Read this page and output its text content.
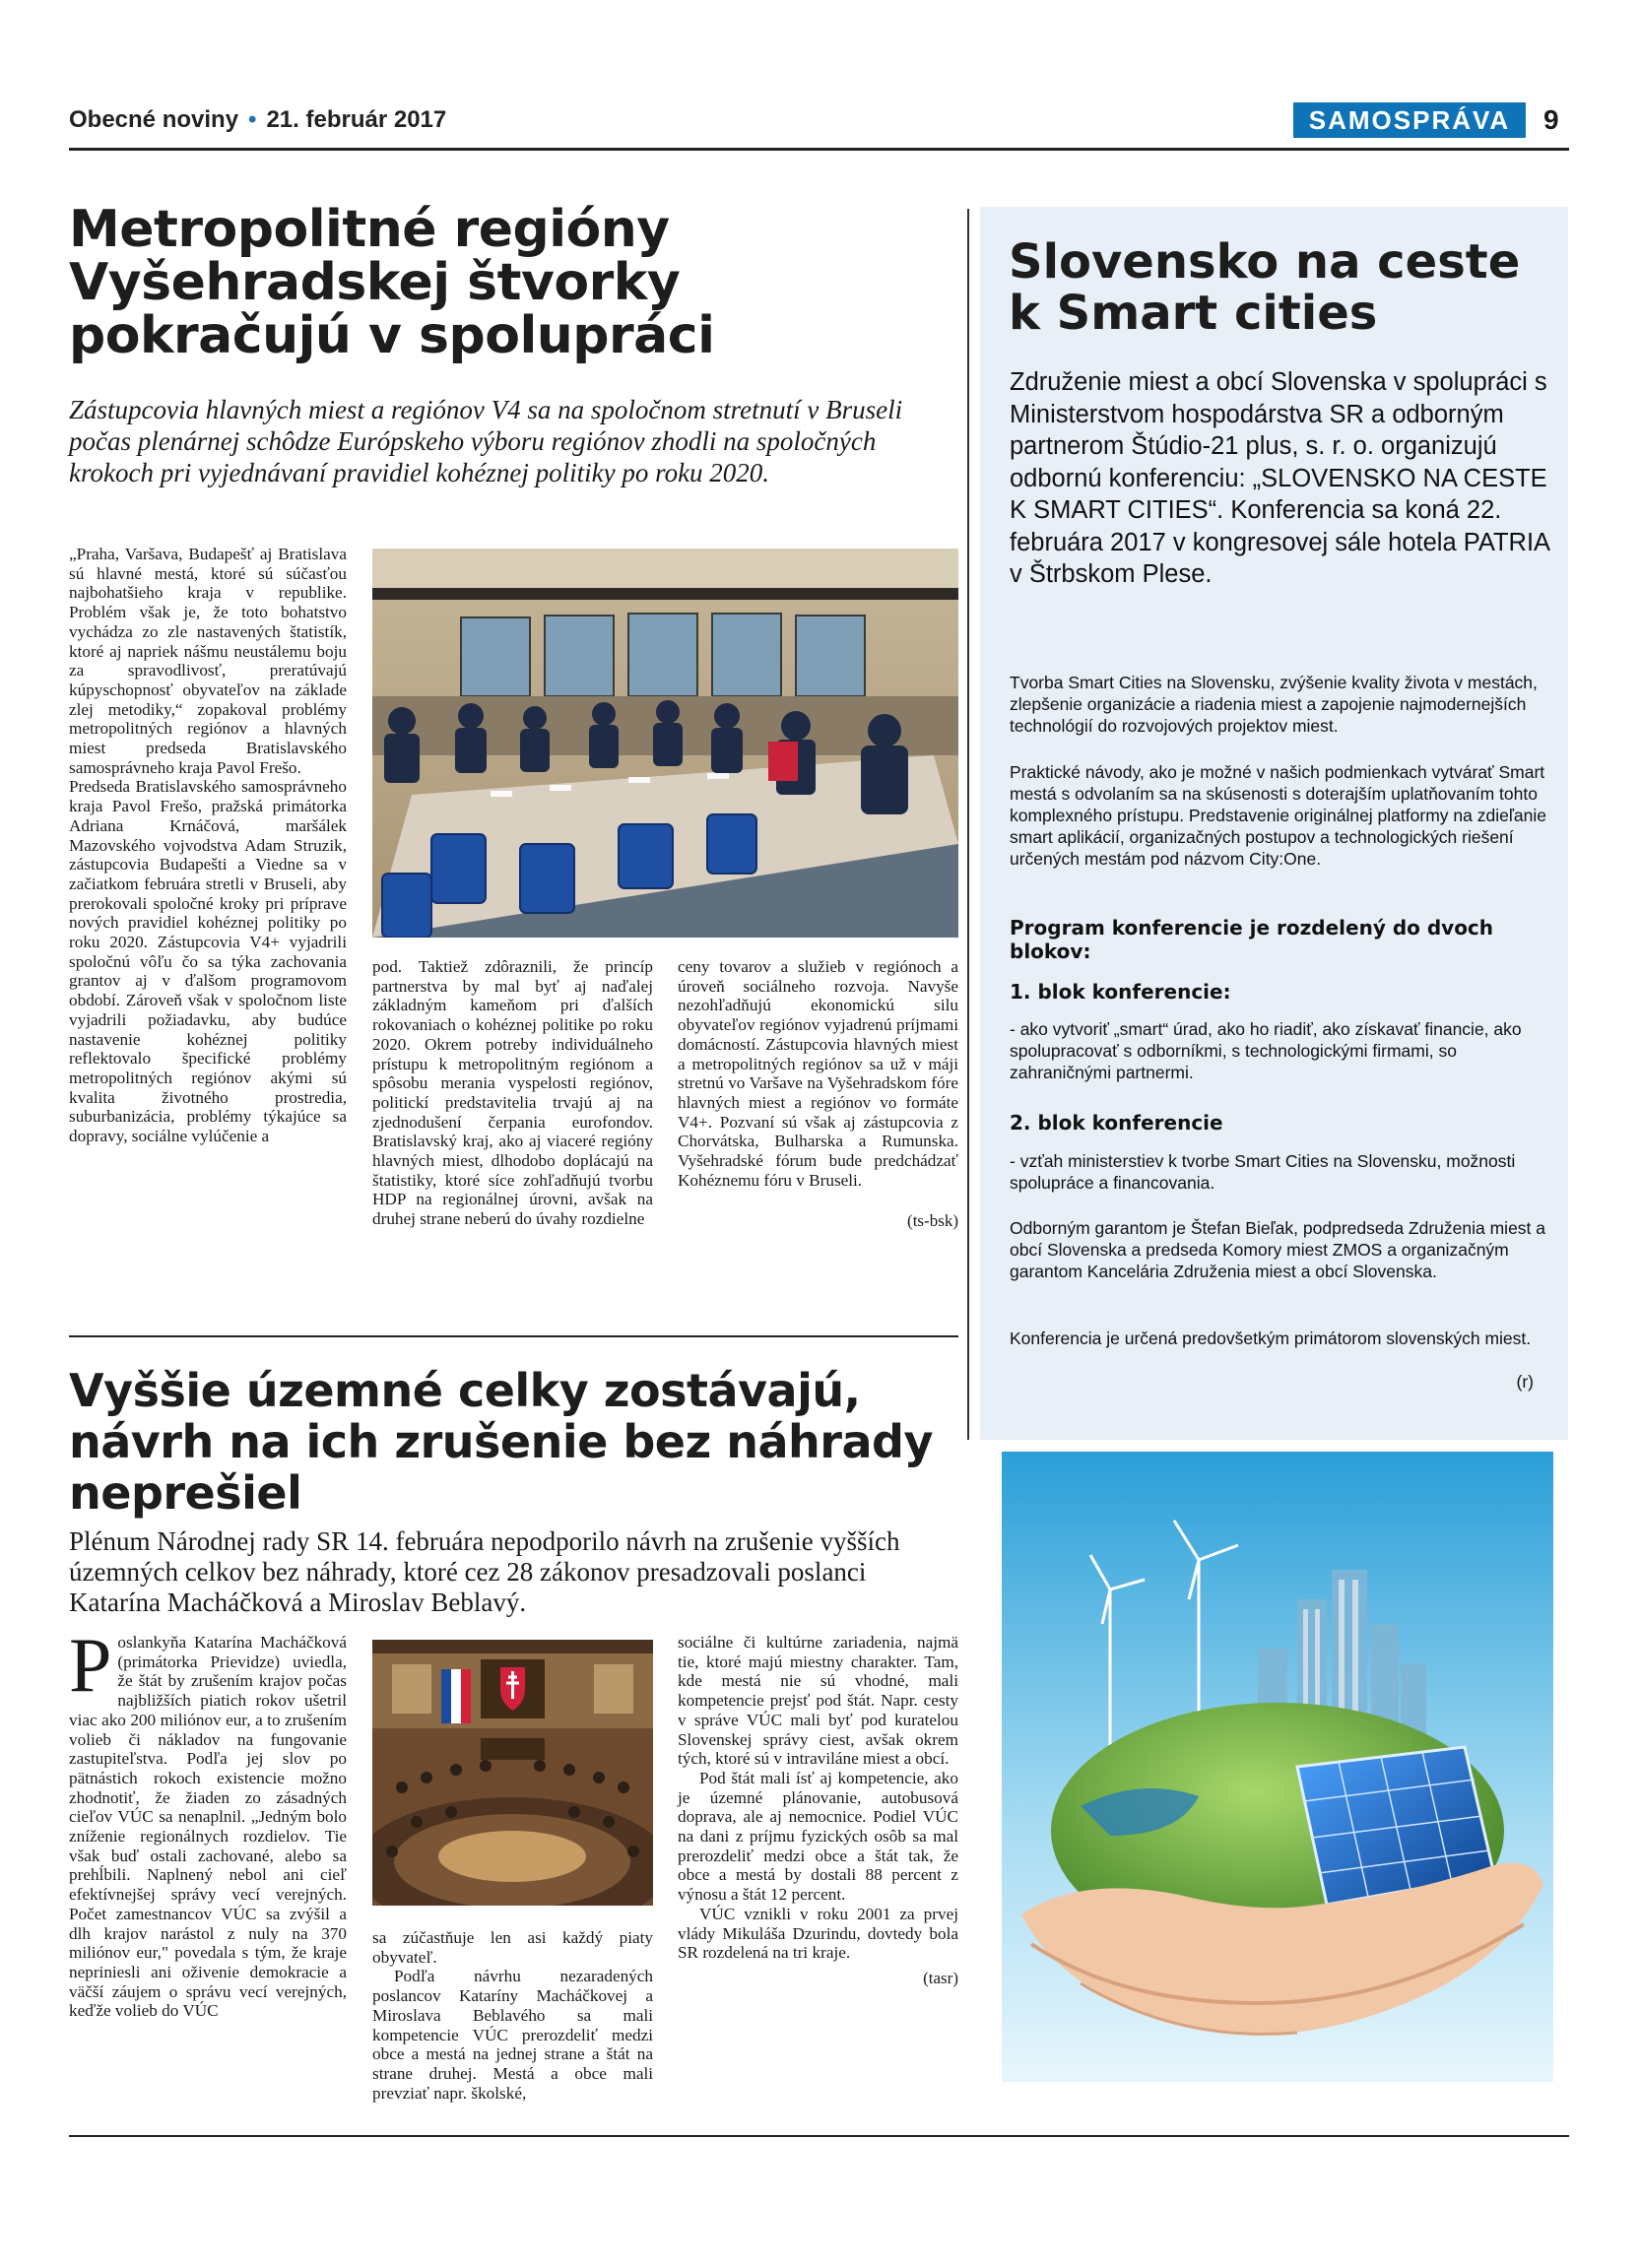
Obecné noviny • 21. február 2017	SAMOSPRÁVA	9
Metropolitné regióny Vyšehradskej štvorky pokračujú v spolupráci

Zástupcovia hlavných miest a regiónov V4 sa na spoločnom stretnutí v Bruseli počas plenárnej schôdze Európskeho výboru regiónov zhodli na spoločných krokoch pri vyjednávaní pravidiel kohéznej politiky po roku 2020.

„Praha, Varšava, Budapešť aj Bratislava sú hlavné mestá, ktoré sú súčasťou najbohatšieho kraja v republike. Problém však je, že toto bohatstvo vychádza zo zle nastavených štatistík, ktoré aj napriek nášmu neustálemu boju za spravodlivosť, preratúvajú kúpyschopnosť obyvateľov na základe zlej metodiky,“ zopakoval problémy metropolitných regiónov a hlavných miest predseda Bratislavského samosprávneho kraja Pavol Frešo.

Predseda Bratislavského samosprávneho kraja Pavol Frešo, pražská primátorka Adriana Krnáčová, maršálek Mazovského vojvodstva Adam Struzik, zástupcovia Budapešti a Viedne sa v začiatkom februára stretli v Bruseli, aby prerokovali spoločné kroky pri príprave nových pravidiel kohéznej politiky po roku 2020. Zástupcovia V4+ vyjadrili spoločnú vôľu čo sa týka zachovania grantov aj v ďalšom programovom období. Zároveň však v spoločnom liste vyjadrili požiadavku, aby budúce nastavenie kohéznej politiky reflektovalo špecifické problémy metropolitných regiónov akými sú kvalita životného prostredia, suburbanizácia, problémy týkajúce sa dopravy, sociálne vylúčenie a

pod. Taktiež zdôraznili, že princíp partnerstva by mal byť aj naďalej základným kameňom pri ďalších rokovaniach o kohéznej politike po roku 2020. Okrem potreby individuálneho prístupu k metropolitným regiónom a spôsobu merania vyspelosti regiónov, politickí predstavitelia trvajú aj na zjednodušení čerpania eurofondov. Bratislavský kraj, ako aj viaceré regióny hlavných miest, dlhodobo doplácajú na štatistiky, ktoré síce zohľadňujú tvorbu HDP na regionálnej úrovni, avšak na druhej strane neberú do úvahy rozdielne

ceny tovarov a služieb v regiónoch a úroveň sociálneho rozvoja. Navyše nezohľadňujú ekonomickú silu obyvateľov regiónov vyjadrenú príjmami domácností. Zástupcovia hlavných miest a metropolitných regiónov sa už v máji stretnú vo Varšave na Vyšehradskom fóre hlavných miest a regiónov vo formáte V4+. Pozvaní sú však aj zástupcovia z Chorvátska, Bulharska a Rumunska. Vyšehradské fórum bude predchádzať Kohéznemu fóru v Bruseli.

(ts-bsk)

Vyššie územné celky zostávajú, návrh na ich zrušenie bez náhrady neprešiel

Plénum Národnej rady SR 14. februára nepodporilo návrh na zrušenie vyšších územných celkov bez náhrady, ktoré cez 28 zákonov presadzovali poslanci Katarína Macháčková a Miroslav Beblavý.

P oslankyňa Katarína Macháčková (primátorka Prievidze) uviedla, že štát by zrušením krajov počas najbližších piatich rokov ušetril viac ako 200 miliónov eur, a to zrušením volieb či nákladov na fungovanie zastupiteľstva. Podľa jej slov po pätnástich rokoch existencie možno zhodnotiť, že žiaden zo zásadných cieľov VÚC sa nenaplnil. „Jedným bolo zníženie regionálnych rozdielov. Tie však buď ostali zachované, alebo sa prehĺbili. Naplnený nebol ani cieľ efektívnejšej správy vecí verejných. Počet zamestnancov VÚC sa zvýšil a dlh krajov narástol z nuly na 370 miliónov eur," povedala s tým, že kraje nepriniesli ani oživenie demokracie a väčší záujem o správu vecí verejných, keďže volieb do VÚC

sa zúčastňuje len asi každý piaty obyvateľ.

Podľa návrhu nezaradených poslancov Kataríny Macháčkovej a Miroslava Beblavého sa mali kompetencie VÚC prerozdeliť medzi obce a mestá na jednej strane a štát na strane druhej. Mestá a obce mali prevziať napr. školské,

sociálne či kultúrne zariadenia, najmä tie, ktoré majú miestny charakter. Tam, kde mestá nie sú vhodné, mali kompetencie prejsť pod štát. Napr. cesty v správe VÚC mali byť pod kuratelou Slovenskej správy ciest, avšak okrem tých, ktoré sú v intraviláne miest a obcí.

Pod štát mali ísť aj kompetencie, ako je územné plánovanie, autobusová doprava, ale aj nemocnice. Podiel VÚC na dani z príjmu fyzických osôb sa mal prerozdeliť medzi obce a štát tak, že obce a mestá by dostali 88 percent z výnosu a štát 12 percent.

VÚC vznikli v roku 2001 za prvej vlády Mikuláša Dzurindu, dovtedy bola SR rozdelená na tri kraje.

(tasr)

Slovensko na ceste k Smart cities

Združenie miest a obcí Slovenska v spolupráci s Ministerstvom hospodárstva SR a odborným partnerom Štúdio-21 plus, s. r. o. organizujú odbornú konferenciu: „SLOVENSKO NA CESTE K SMART CITIES“. Konferencia sa koná 22. februára 2017 v kongresovej sále hotela PATRIA v Štrbskom Plese.

Tvorba Smart Cities na Slovensku, zvýšenie kvality života v mestách, zlepšenie organizácie a riadenia miest a zapojenie najmodernejších technológií do rozvojových projektov miest.

Praktické návody, ako je možné v našich podmienkach vytvárať Smart mestá s odvolaním sa na skúsenosti s doterajším uplatňovaním tohto komplexného prístupu. Predstavenie originálnej platformy na zdieľanie smart aplikácií, organizačných postupov a technologických riešení určených mestám pod názvom City:One.

Program konferencie je rozdelený do dvoch blokov:

1. blok konferencie:

- ako vytvoriť „smart“ úrad, ako ho riadiť, ako získavať financie, ako spolupracovať s odborníkmi, s technologickými firmami, so zahraničnými partnermi.

2. blok konferencie

- vzťah ministerstiev k tvorbe Smart Cities na Slovensku, možnosti spolupráce a financovania.

Odborným garantom je Štefan Bieľak, podpredseda Združenia miest a obcí Slovenska a predseda Komory miest ZMOS a organizačným garantom Kancelária Združenia miest a obcí Slovenska.

Konferencia je určená predovšetkým primátorom slovenských miest.

(r)
